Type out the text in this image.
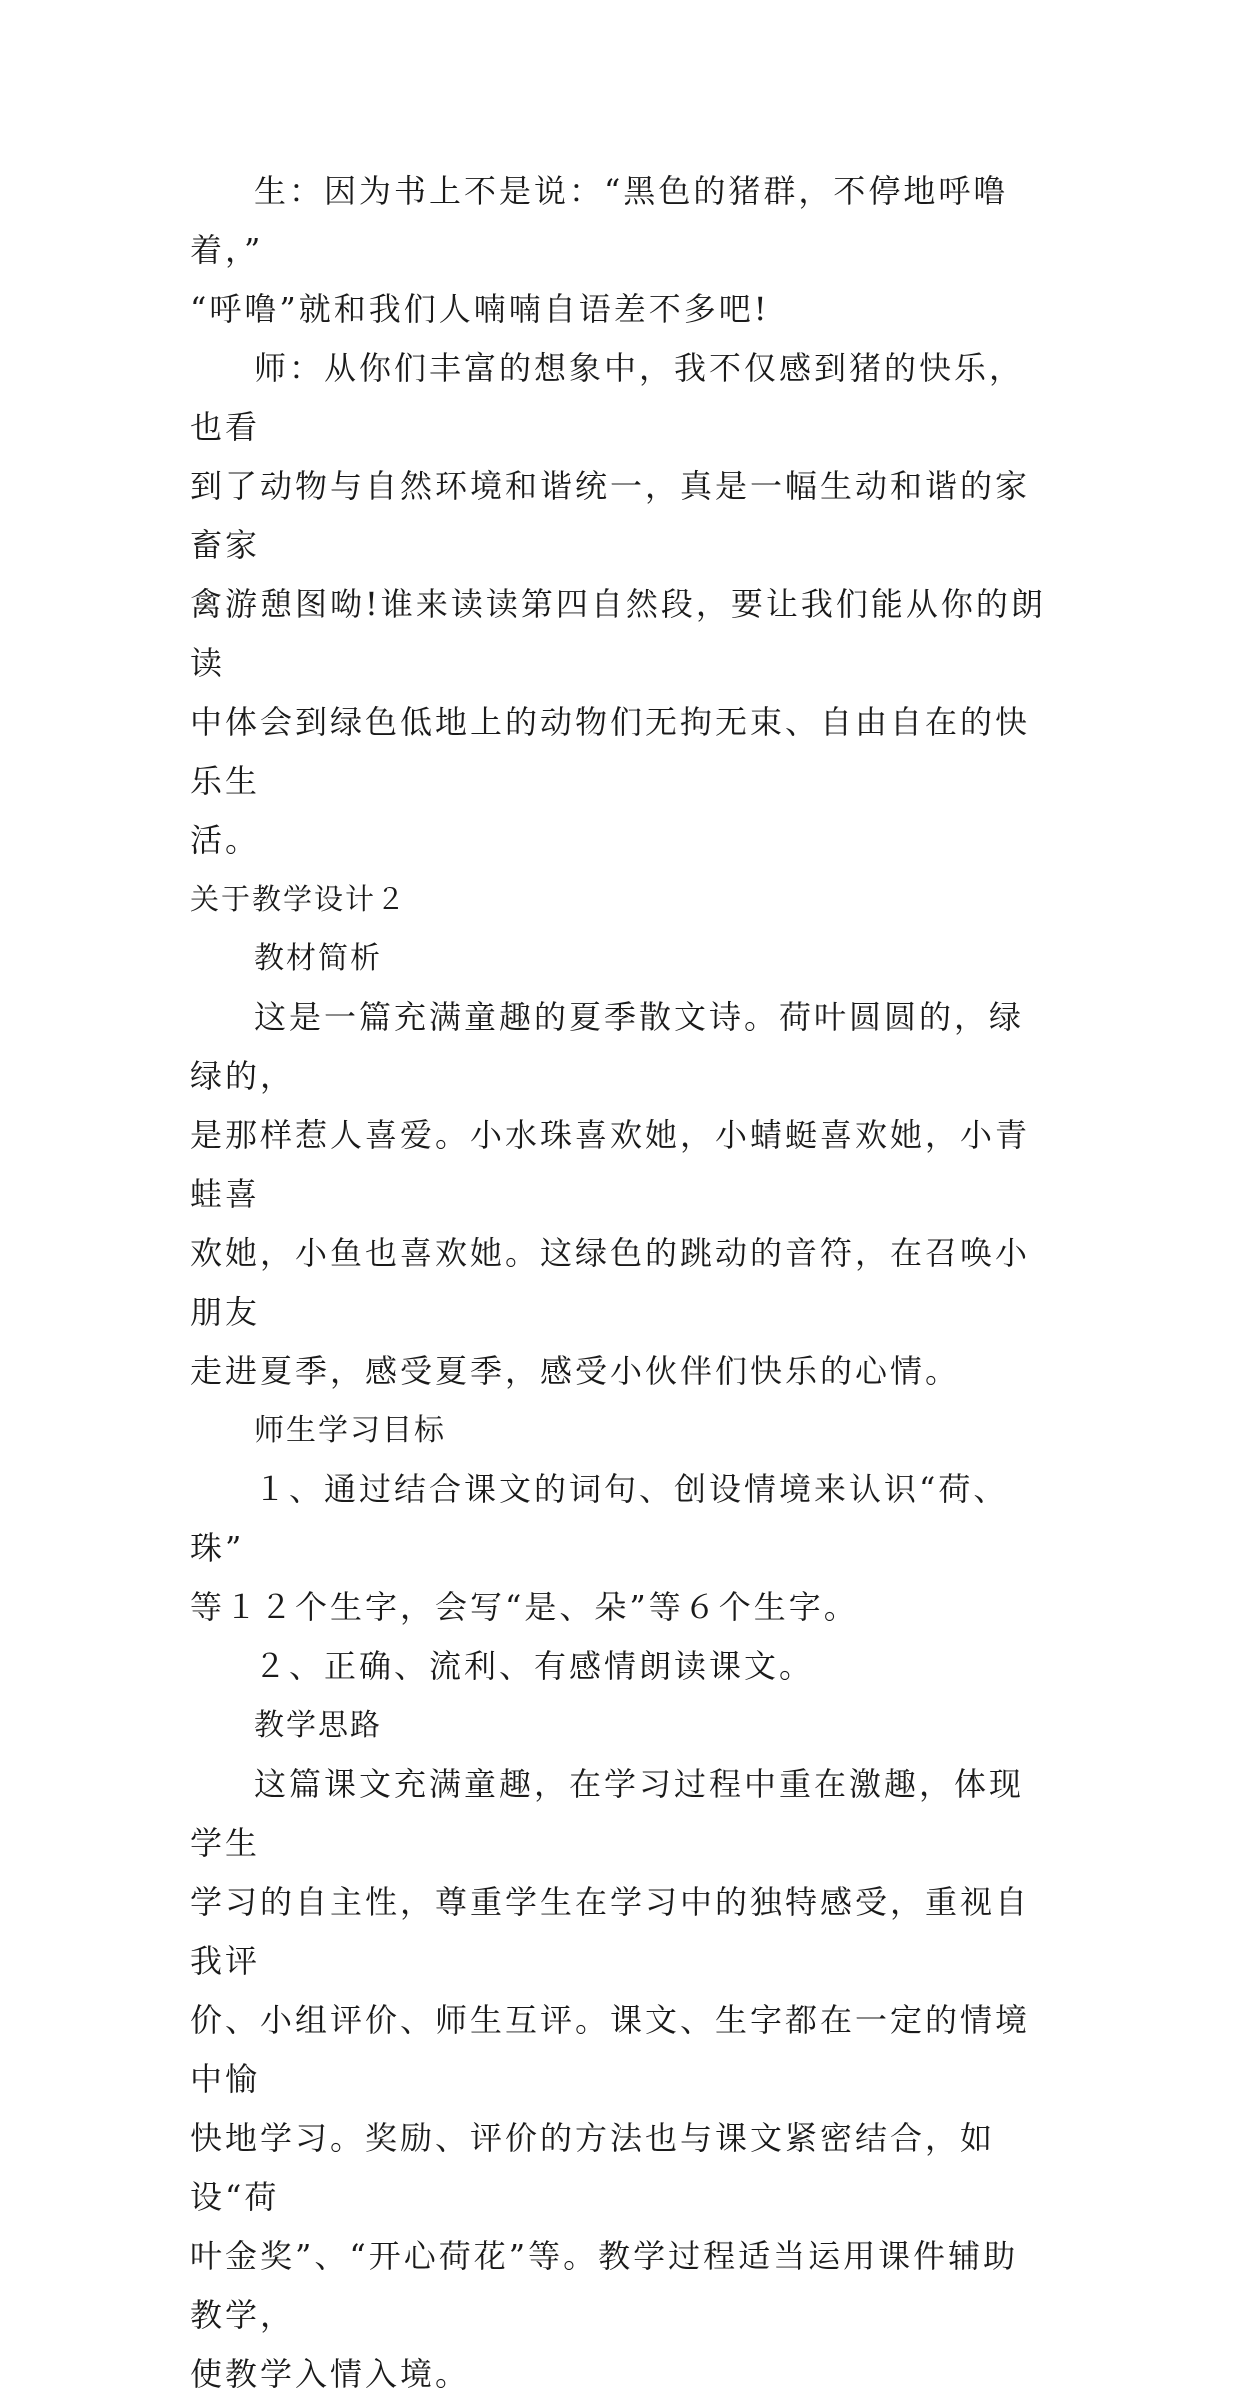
生：因为书上不是说：“黑色的猪群，不停地呼噜着，”
“呼噜”就和我们人喃喃自语差不多吧!

师：从你们丰富的想象中，我不仅感到猪的快乐，也看
到了动物与自然环境和谐统一，真是一幅生动和谐的家畜家
禽游憩图呦!谁来读读第四自然段，要让我们能从你的朗读
中体会到绿色低地上的动物们无拘无束、自由自在的快乐生
活。

关于教学设计２

教材简析

这是一篇充满童趣的夏季散文诗。荷叶圆圆的，绿绿的，
是那样惹人喜爱。小水珠喜欢她，小蜻蜓喜欢她，小青蛙喜
欢她，小鱼也喜欢她。这绿色的跳动的音符，在召唤小朋友
走进夏季，感受夏季，感受小伙伴们快乐的心情。

师生学习目标

１、通过结合课文的词句、创设情境来认识“荷、珠”
等１２个生字，会写“是、朵”等６个生字。

２、正确、流利、有感情朗读课文。

教学思路

这篇课文充满童趣，在学习过程中重在激趣，体现学生
学习的自主性，尊重学生在学习中的独特感受，重视自我评
价、小组评价、师生互评。课文、生字都在一定的情境中愉
快地学习。奖励、评价的方法也与课文紧密结合，如设“荷
叶金奖”、“开心荷花”等。教学过程适当运用课件辅助教学，
使教学入情入境。
